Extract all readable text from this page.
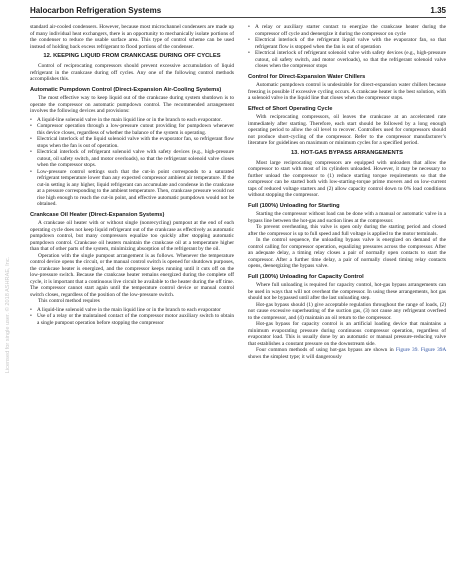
Halocarbon Refrigeration Systems	1.35
Licensed for single user. © 2018 ASHRAE, Inc.

standard air-cooled condensers. However, because most microchannel condensers are made up of many individual heat exchangers, there is an opportunity to mechanically isolate portions of the condenser to reduce the usable surface area. This type of control scheme can be used instead of holding back excess refrigerant to flood portions of the condenser.

12. KEEPING LIQUID FROM CRANKCASE DURING OFF CYCLES

Control of reciprocating compressors should prevent excessive accumulation of liquid refrigerant in the crankcase during off cycles. Any one of the following control methods accomplishes this.

Automatic Pumpdown Control (Direct-Expansion Air-Cooling Systems)

The most effective way to keep liquid out of the crankcase during system shutdown is to operate the compressor on automatic pumpdown control. The recommended arrangement involves the following devices and provisions:

• A liquid-line solenoid valve in the main liquid line or in the branch to each evaporator.
• Compressor operation through a low-pressure cutout providing for pumpdown whenever this device closes, regardless of whether the balance of the system is operating.
• Electrical interlock of the liquid solenoid valve with the evaporator fan, so refrigerant flow stops when the fan is out of operation.
• Electrical interlock of refrigerant solenoid valve with safety devices (e.g., high-pressure cutout, oil safety switch, and motor overloads), so that the refrigerant solenoid valve closes when the compressor stops.
• Low-pressure control settings such that the cut-in point corresponds to a saturated refrigerant temperature lower than any expected compressor ambient air temperature. If the cut-in setting is any higher, liquid refrigerant can accumulate and condense in the crankcase at a pressure corresponding to the ambient temperature. Then, crankcase pressure would not rise high enough to reach the cut-in point, and effective automatic pumpdown would not be obtained.
Crankcase Oil Heater (Direct-Expansion Systems)

A crankcase oil heater with or without single (nonrecycling) pumpout at the end of each operating cycle does not keep liquid refrigerant out of the crankcase as effectively as automatic pumpdown control, but many compressors equalize too quickly after stopping automatic pumpdown control. Crankcase oil heaters maintain the crankcase oil at a temperature higher than that of other parts of the system, minimizing absorption of the refrigerant by the oil.

Operation with the single pumpout arrangement is as follows. Whenever the temperature control device opens the circuit, or the manual control switch is opened for shutdown purposes, the crankcase heater is energized, and the compressor keeps running until it cuts off on the low-pressure switch. Because the crankcase heater remains energized during the complete off cycle, it is important that a continuous live circuit be available to the heater during the off time. The compressor cannot start again until the temperature control device or manual control switch closes, regardless of the position of the low-pressure switch.

This control method requires

• A liquid-line solenoid valve in the main liquid line or in the branch to each evaporator
• Use of a relay or the maintained contact of the compressor motor auxiliary switch to obtain a single pumpout operation before stopping the compressor
• A relay or auxiliary starter contact to energize the crankcase heater during the compressor off cycle and deenergize it during the compressor on cycle
• Electrical interlock of the refrigerant liquid valve with the evaporator fan, so that refrigerant flow is stopped when the fan is out of operation
• Electrical interlock of refrigerant solenoid valve with safety devices (e.g., high-pressure cutout, oil safety switch, and motor overloads), so that the refrigerant solenoid valve closes when the compressor stops
Control for Direct-Expansion Water Chillers

Automatic pumpdown control is undesirable for direct-expansion water chillers because freezing is possible if excessive cycling occurs. A crankcase heater is the best solution, with a solenoid valve in the liquid line that closes when the compressor stops.

Effect of Short Operating Cycle

With reciprocating compressors, oil leaves the crankcase at an accelerated rate immediately after starting. Therefore, each start should be followed by a long enough operating period to allow the oil level to recover. Controllers used for compressors should not produce short-cycling of the compressor. Refer to the compressor manufacturer’s literature for guidelines on maximum or minimum cycles for a specified period.

13. HOT-GAS BYPASS ARRANGEMENTS

Most large reciprocating compressors are equipped with unloaders that allow the compressor to start with most of its cylinders unloaded. However, it may be necessary to further unload the compressor to (1) reduce starting torque requirements so that the compressor can be started both with low-starting-torque prime movers and on low-current taps of reduced voltage starters and (2) allow capacity control down to 0% load conditions without stopping the compressor.

Full (100%) Unloading for Starting

Starting the compressor without load can be done with a manual or automatic valve in a bypass line between the hot-gas and suction lines at the compressor.

To prevent overheating, this valve is open only during the starting period and closed after the compressor is up to full speed and full voltage is applied to the motor terminals.

In the control sequence, the unloading bypass valve is energized on demand of the control calling for compressor operation, equalizing pressures across the compressor. After an adequate delay, a timing relay closes a pair of normally open contacts to start the compressor. After a further time delay, a pair of normally closed timing relay contacts opens, deenergizing the bypass valve.

Full (100%) Unloading for Capacity Control

Where full unloading is required for capacity control, hot-gas bypass arrangements can be used in ways that will not overheat the compressor. In using these arrangements, hot gas should not be bypassed until after the last unloading step.

Hot-gas bypass should (1) give acceptable regulation throughout the range of loads, (2) not cause excessive superheating of the suction gas, (3) not cause any refrigerant overfeed to the compressor, and (4) maintain an oil return to the compressor.

Hot-gas bypass for capacity control is an artificial loading device that maintains a minimum evaporating pressure during continuous compressor operation, regardless of evaporator load. This is usually done by an automatic or manual pressure-reducing valve that establishes a constant pressure on the downstream side.

Four common methods of using hot-gas bypass are shown in Figure 39. Figure 39A shows the simplest type; it will dangerously
